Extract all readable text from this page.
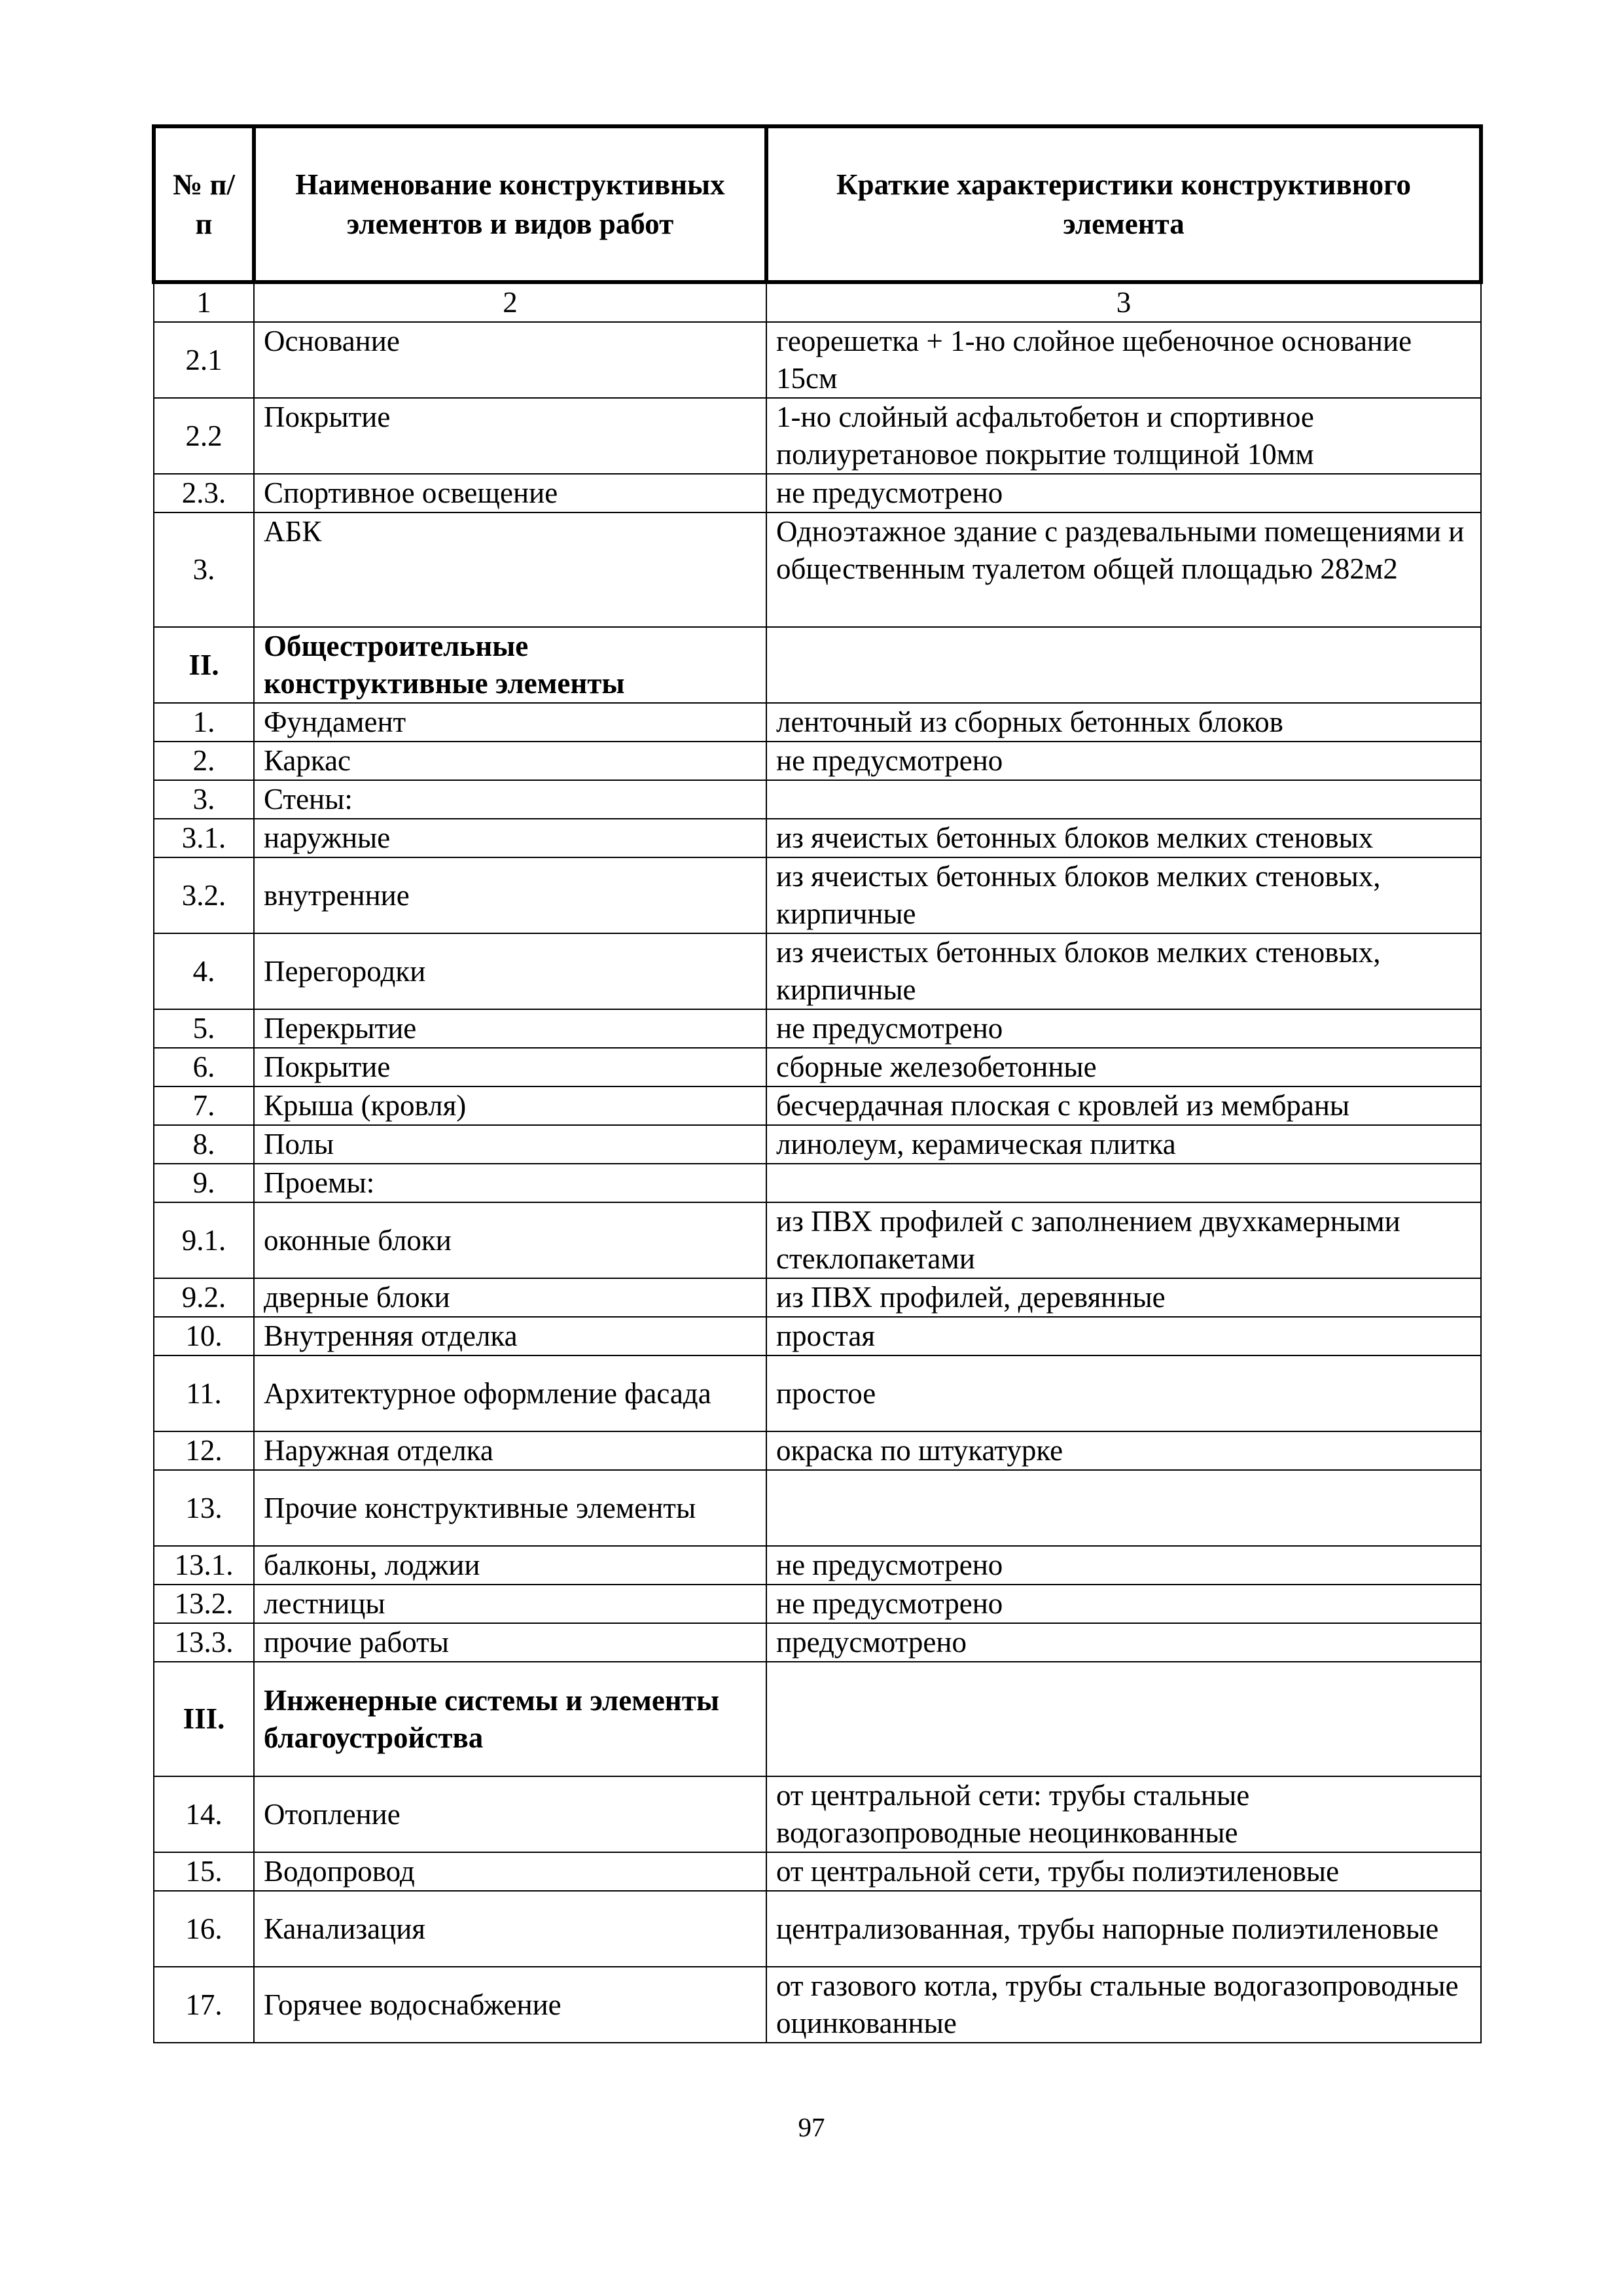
№ п/п	Наименование конструктивных элементов и видов работ	Краткие характеристики конструктивного элемента
1	2	3
2.1	Основание	георешетка + 1-но слойное щебеночное основание 15см
2.2	Покрытие	1-но слойный асфальтобетон и спортивное полиуретановое покрытие толщиной 10мм
2.3.	Спортивное освещение	не предусмотрено
3.	АБК	Одноэтажное здание с раздевальными помещениями и общественным туалетом общей площадью 282м2
II.	Общестроительные конструктивные элементы	
1.	Фундамент	ленточный из сборных бетонных блоков
2.	Каркас	не предусмотрено
3.	Стены:	
3.1.	наружные	из ячеистых бетонных блоков мелких стеновых
3.2.	внутренние	из ячеистых бетонных блоков мелких стеновых, кирпичные
4.	Перегородки	из ячеистых бетонных блоков мелких стеновых, кирпичные
5.	Перекрытие	не предусмотрено
6.	Покрытие	сборные железобетонные
7.	Крыша (кровля)	бесчердачная плоская с кровлей из мембраны
8.	Полы	линолеум, керамическая плитка
9.	Проемы:	
9.1.	оконные блоки	из ПВХ профилей с заполнением двухкамерными стеклопакетами
9.2.	дверные блоки	из ПВХ профилей, деревянные
10.	Внутренняя отделка	простая
11.	Архитектурное оформление фасада	простое
12.	Наружная отделка	окраска по штукатурке
13.	Прочие конструктивные элементы	
13.1.	балконы, лоджии	не предусмотрено
13.2.	лестницы	не предусмотрено
13.3.	прочие работы	предусмотрено
III.	Инженерные системы и элементы благоустройства	
14.	Отопление	от центральной сети: трубы стальные водогазопроводные неоцинкованные
15.	Водопровод	от центральной сети, трубы полиэтиленовые
16.	Канализация	централизованная, трубы напорные полиэтиленовые
17.	Горячее водоснабжение	от газового котла, трубы стальные водогазопроводные оцинкованные
97
